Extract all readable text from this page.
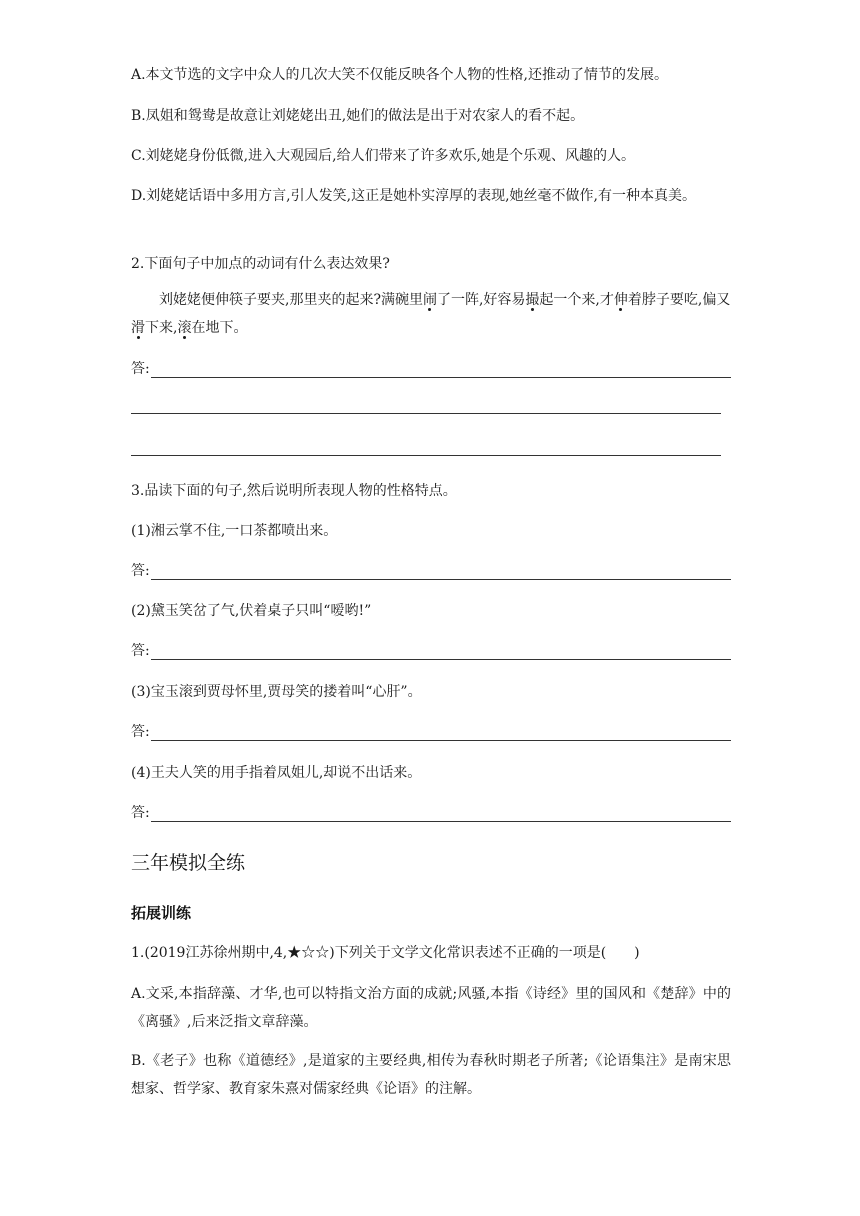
A.本文节选的文字中众人的几次大笑不仅能反映各个人物的性格,还推动了情节的发展。
B.凤姐和鸳鸯是故意让刘姥姥出丑,她们的做法是出于对农家人的看不起。
C.刘姥姥身份低微,进入大观园后,给人们带来了许多欢乐,她是个乐观、风趣的人。
D.刘姥姥话语中多用方言,引人发笑,这正是她朴实淳厚的表现,她丝毫不做作,有一种本真美。
2.下面句子中加点的动词有什么表达效果?
刘姥姥便伸筷子要夹,那里夹的起来?满碗里闹了一阵,好容易撮起一个来,才伸着脖子要吃,偏又滑下来,滚在地下。
答:
3.品读下面的句子,然后说明所表现人物的性格特点。
(1)湘云掌不住,一口茶都喷出来。
答:
(2)黛玉笑岔了气,伏着桌子只叫“嗳哟!”
答:
(3)宝玉滚到贾母怀里,贾母笑的搂着叫“心肝”。
答:
(4)王夫人笑的用手指着凤姐儿,却说不出话来。
答:
三年模拟全练
拓展训练
1.(2019江苏徐州期中,4,★☆☆)下列关于文学文化常识表述不正确的一项是(　　)
A.文采,本指辞藻、才华,也可以特指文治方面的成就;风骚,本指《诗经》里的国风和《楚辞》中的《离骚》,后来泛指文章辞藻。
B.《老子》也称《道德经》,是道家的主要经典,相传为春秋时期老子所著;《论语集注》是南宋思想家、哲学家、教育家朱熹对儒家经典《论语》的注解。
